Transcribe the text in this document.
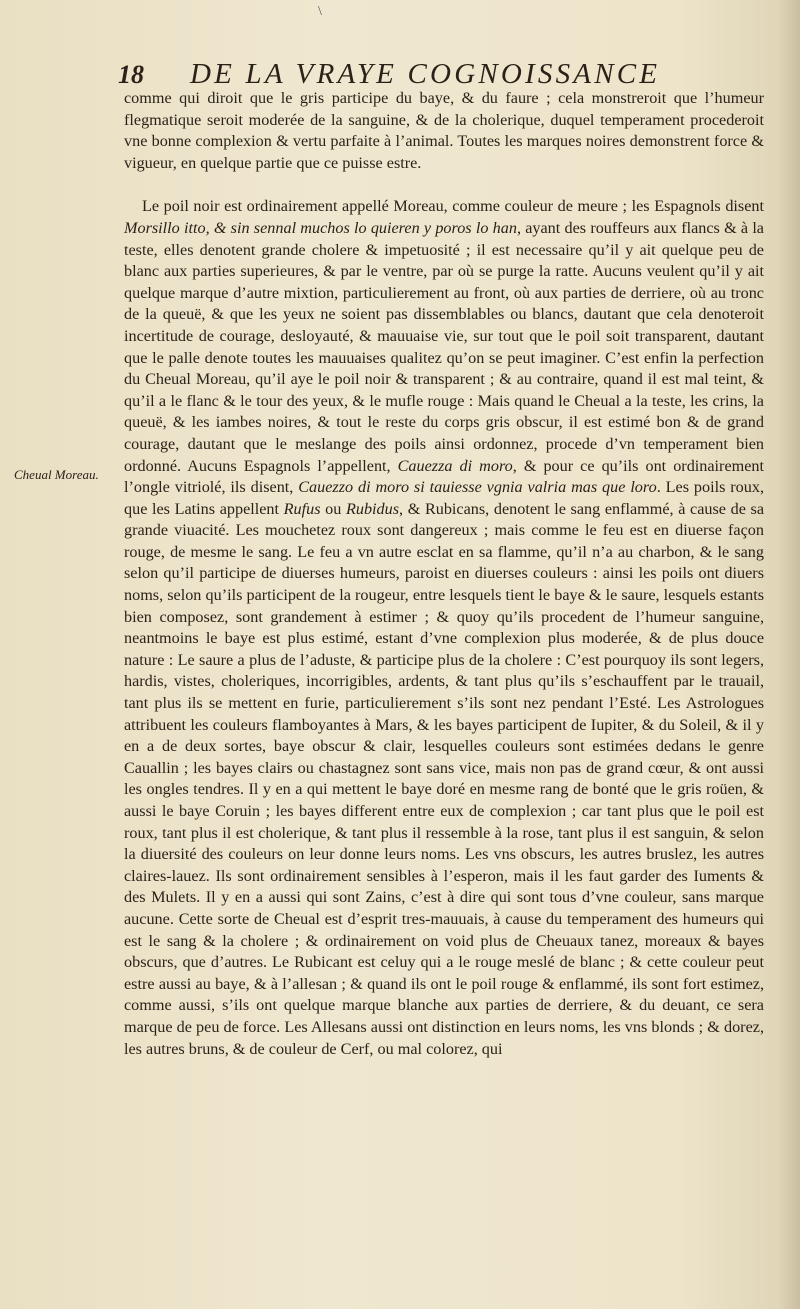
\
18 DE LA VRAYE COGNOISSANCE
Cheual Moreau.

comme qui diroit que le gris participe du baye, & du faure ; cela monstreroit que l’humeur flegmatique seroit moderée de la sanguine, & de la cholerique, duquel temperament procederoit vne bonne complexion & vertu parfaite à l’animal. Toutes les marques noires demonstrent force & vigueur, en quelque partie que ce puisse estre.

Le poil noir est ordinairement appellé Moreau, comme couleur de meure ; les Espagnols disent Morsillo itto, & sin sennal muchos lo quieren y poros lo han, ayant des rouffeurs aux flancs & à la teste, elles denotent grande cholere & impetuosité ; il est necessaire qu’il y ait quelque peu de blanc aux parties superieures, & par le ventre, par où se purge la ratte. Aucuns veulent qu’il y ait quelque marque d’autre mixtion, particulierement au front, où aux parties de derriere, où au tronc de la queuë, & que les yeux ne soient pas dissemblables ou blancs, dautant que cela denoteroit incertitude de courage, desloyauté, & mauuaise vie, sur tout que le poil soit transparent, dautant que le palle denote toutes les mauuaises qualitez qu’on se peut imaginer. C’est enfin la perfection du Cheual Moreau, qu’il aye le poil noir & transparent ; & au contraire, quand il est mal teint, & qu’il a le flanc & le tour des yeux, & le mufle rouge : Mais quand le Cheual a la teste, les crins, la queuë, & les iambes noires, & tout le reste du corps gris obscur, il est estimé bon & de grand courage, dautant que le meslange des poils ainsi ordonnez, procede d’vn temperament bien ordonné. Aucuns Espagnols l’appellent, Cauezza di moro, & pour ce qu’ils ont ordinairement l’ongle vitriolé, ils disent, Cauezzo di moro si tauiesse vgnia valria mas que loro. Les poils roux, que les Latins appellent Rufus ou Rubidus, & Rubicans, denotent le sang enflammé, à cause de sa grande viuacité. Les mouchetez roux sont dangereux ; mais comme le feu est en diuerse façon rouge, de mesme le sang. Le feu a vn autre esclat en sa flamme, qu’il n’a au charbon, & le sang selon qu’il participe de diuerses humeurs, paroist en diuerses couleurs : ainsi les poils ont diuers noms, selon qu’ils participent de la rougeur, entre lesquels tient le baye & le saure, lesquels estants bien composez, sont grandement à estimer ; & quoy qu’ils procedent de l’humeur sanguine, neantmoins le baye est plus estimé, estant d’vne complexion plus moderée, & de plus douce nature : Le saure a plus de l’aduste, & participe plus de la cholere : C’est pourquoy ils sont legers, hardis, vistes, choleriques, incorrigibles, ardents, & tant plus qu’ils s’eschauffent par le trauail, tant plus ils se mettent en furie, particulierement s’ils sont nez pendant l’Esté. Les Astrologues attribuent les couleurs flamboyantes à Mars, & les bayes participent de Iupiter, & du Soleil, & il y en a de deux sortes, baye obscur & clair, lesquelles couleurs sont estimées dedans le genre Cauallin ; les bayes clairs ou chastagnez sont sans vice, mais non pas de grand cœur, & ont aussi les ongles tendres. Il y en a qui mettent le baye doré en mesme rang de bonté que le gris roüen, & aussi le baye Coruin ; les bayes different entre eux de complexion ; car tant plus que le poil est roux, tant plus il est cholerique, & tant plus il ressemble à la rose, tant plus il est sanguin, & selon la diuersité des couleurs on leur donne leurs noms. Les vns obscurs, les autres bruslez, les autres claires-lauez. Ils sont ordinairement sensibles à l’esperon, mais il les faut garder des Iuments & des Mulets. Il y en a aussi qui sont Zains, c’est à dire qui sont tous d’vne couleur, sans marque aucune. Cette sorte de Cheual est d’esprit tres-mauuais, à cause du temperament des humeurs qui est le sang & la cholere ; & ordinairement on void plus de Cheuaux tanez, moreaux & bayes obscurs, que d’autres. Le Rubicant est celuy qui a le rouge meslé de blanc ; & cette couleur peut estre aussi au baye, & à l’allesan ; & quand ils ont le poil rouge & enflammé, ils sont fort estimez, comme aussi, s’ils ont quelque marque blanche aux parties de derriere, & du deuant, ce sera marque de peu de force. Les Allesans aussi ont distinction en leurs noms, les vns blonds ; & dorez, les autres bruns, & de couleur de Cerf, ou mal colorez, qui
